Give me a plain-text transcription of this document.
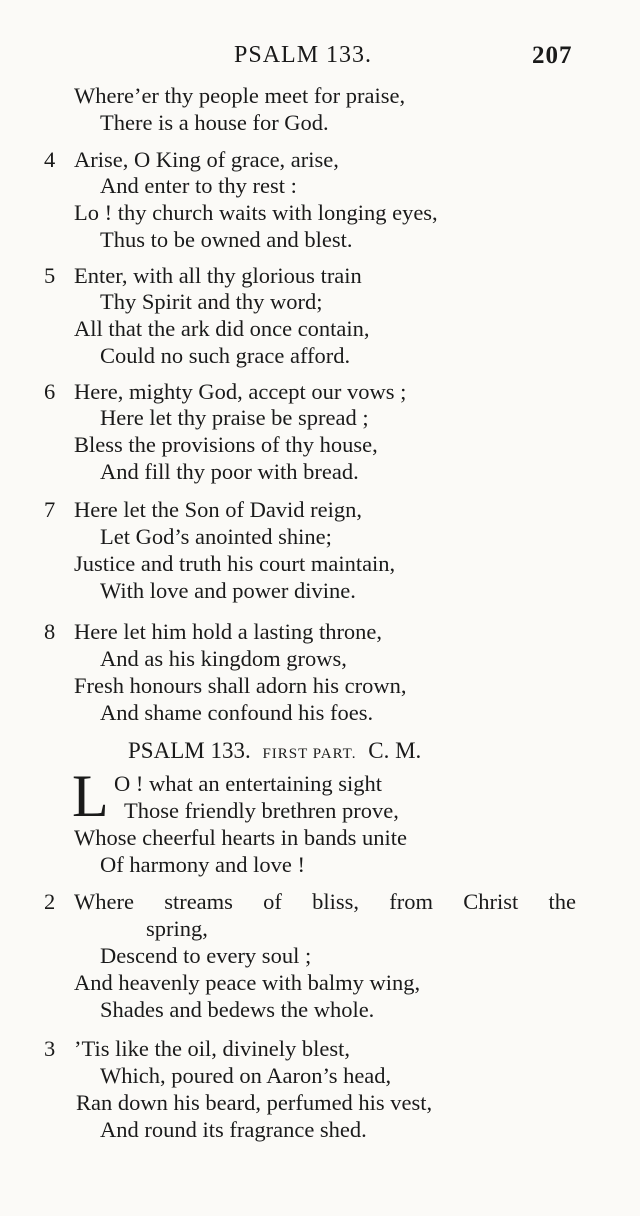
PSALM 133.	207
Where’er thy people meet for praise,
There is a house for God.
4 Arise, O King of grace, arise,
And enter to thy rest :
Lo ! thy church waits with longing eyes,
Thus to be owned and blest.
5 Enter, with all thy glorious train
Thy Spirit and thy word;
All that the ark did once contain,
Could no such grace afford.
6 Here, mighty God, accept our vows ;
Here let thy praise be spread ;
Bless the provisions of thy house,
And fill thy poor with bread.
7 Here let the Son of David reign,
Let God’s anointed shine;
Justice and truth his court maintain,
With love and power divine.
8 Here let him hold a lasting throne,
And as his kingdom grows,
Fresh honours shall adorn his crown,
And shame confound his foes.
PSALM 133. FIRST PART. C. M.
L O ! what an entertaining sight
Those friendly brethren prove,
Whose cheerful hearts in bands unite
Of harmony and love !
2 Where streams of bliss, from Christ the
spring,
Descend to every soul ;
And heavenly peace with balmy wing,
Shades and bedews the whole.
3 ’Tis like the oil, divinely blest,
Which, poured on Aaron’s head,
Ran down his beard, perfumed his vest,
And round its fragrance shed.
